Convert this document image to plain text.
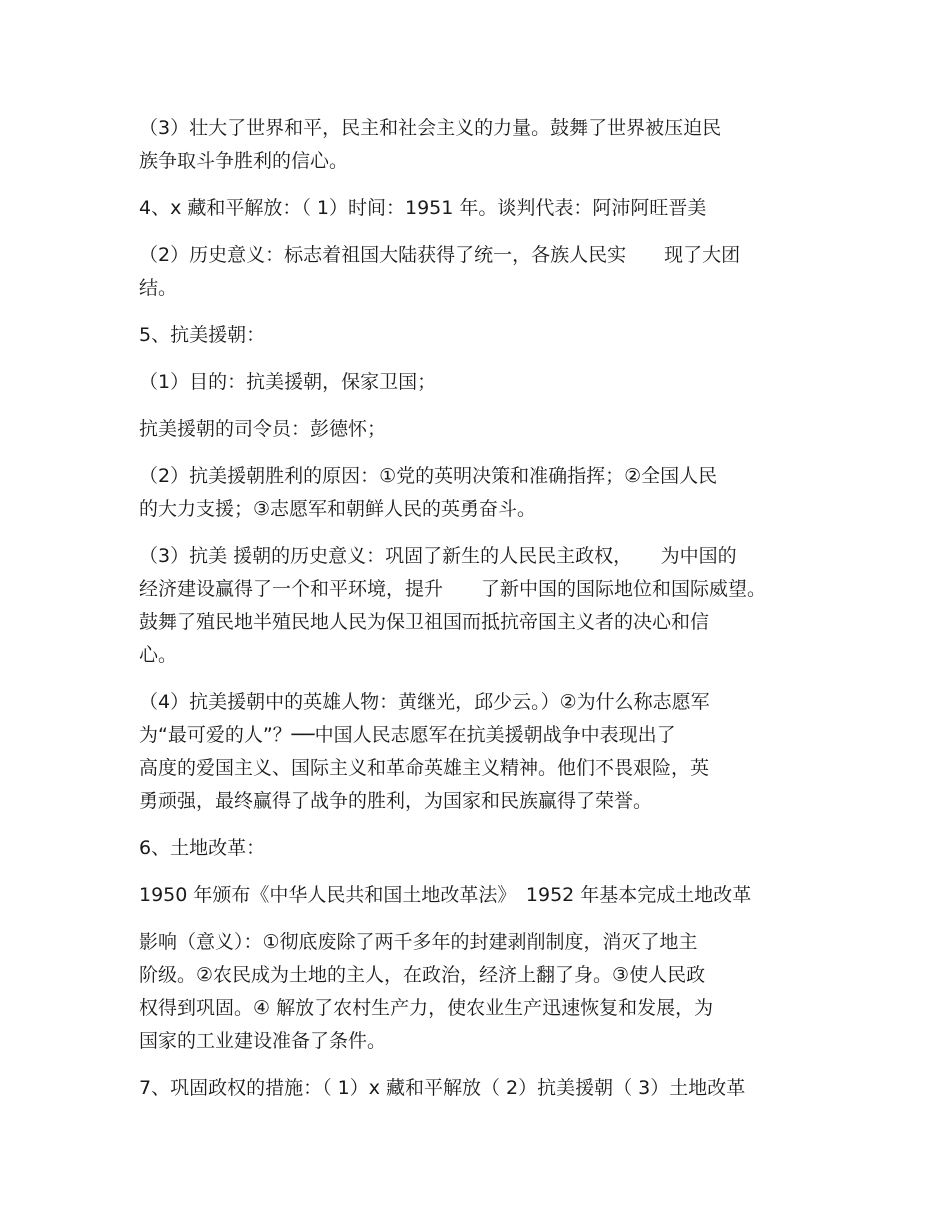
（3）壮大了世界和平，民主和社会主义的力量。鼓舞了世界被压迫民
族争取斗争胜利的信心。
4、x 藏和平解放：（ 1）时间：1951 年。谈判代表：阿沛阿旺晋美
（2）历史意义：标志着祖国大陆获得了统一，各族人民实　　现了大团
结。
5、抗美援朝：
（1）目的：抗美援朝，保家卫国；
抗美援朝的司令员：彭德怀；
（2）抗美援朝胜利的原因：①党的英明决策和准确指挥；②全国人民
的大力支援；③志愿军和朝鲜人民的英勇奋斗。
（3）抗美 援朝的历史意义：巩固了新生的人民民主政权，　　为中国的
经济建设赢得了一个和平环境，提升　　了新中国的国际地位和国际威望。
鼓舞了殖民地半殖民地人民为保卫祖国而抵抗帝国主义者的决心和信
心。
（4）抗美援朝中的英雄人物：黄继光，邱少云。）②为什么称志愿军
为“最可爱的人”？──中国人民志愿军在抗美援朝战争中表现出了
高度的爱国主义、国际主义和革命英雄主义精神。他们不畏艰险，英
勇顽强，最终赢得了战争的胜利，为国家和民族赢得了荣誉。
6、土地改革：
1950 年颁布《中华人民共和国土地改革法》　1952 年基本完成土地改革
影响（意义）：①彻底废除了两千多年的封建剥削制度，消灭了地主
阶级。②农民成为土地的主人，在政治，经济上翻了身。③使人民政
权得到巩固。④ 解放了农村生产力，使农业生产迅速恢复和发展，为
国家的工业建设准备了条件。
7、巩固政权的措施：（ 1）x 藏和平解放（ 2）抗美援朝（ 3）土地改革
